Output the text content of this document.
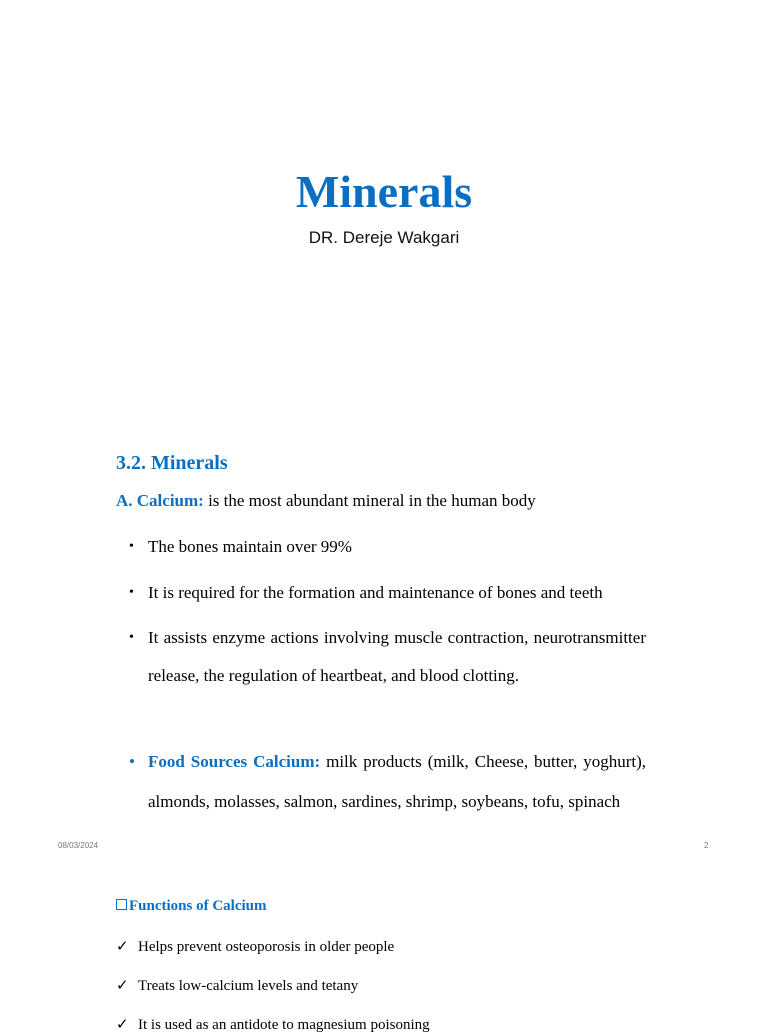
Minerals
DR. Dereje Wakgari
3.2. Minerals
A. Calcium: is the most abundant mineral in the human body
• The bones maintain over 99%
• It is required for the formation and maintenance of bones and teeth
• It assists enzyme actions involving muscle contraction, neurotransmitter release, the regulation of heartbeat, and blood clotting.
• Food Sources Calcium: milk products (milk, Cheese, butter, yoghurt), almonds, molasses, salmon, sardines, shrimp, soybeans, tofu, spinach
08/03/2024	2
Functions of Calcium
✓ Helps prevent osteoporosis in older people
✓ Treats low-calcium levels and tetany
✓ It is used as an antidote to magnesium poisoning
